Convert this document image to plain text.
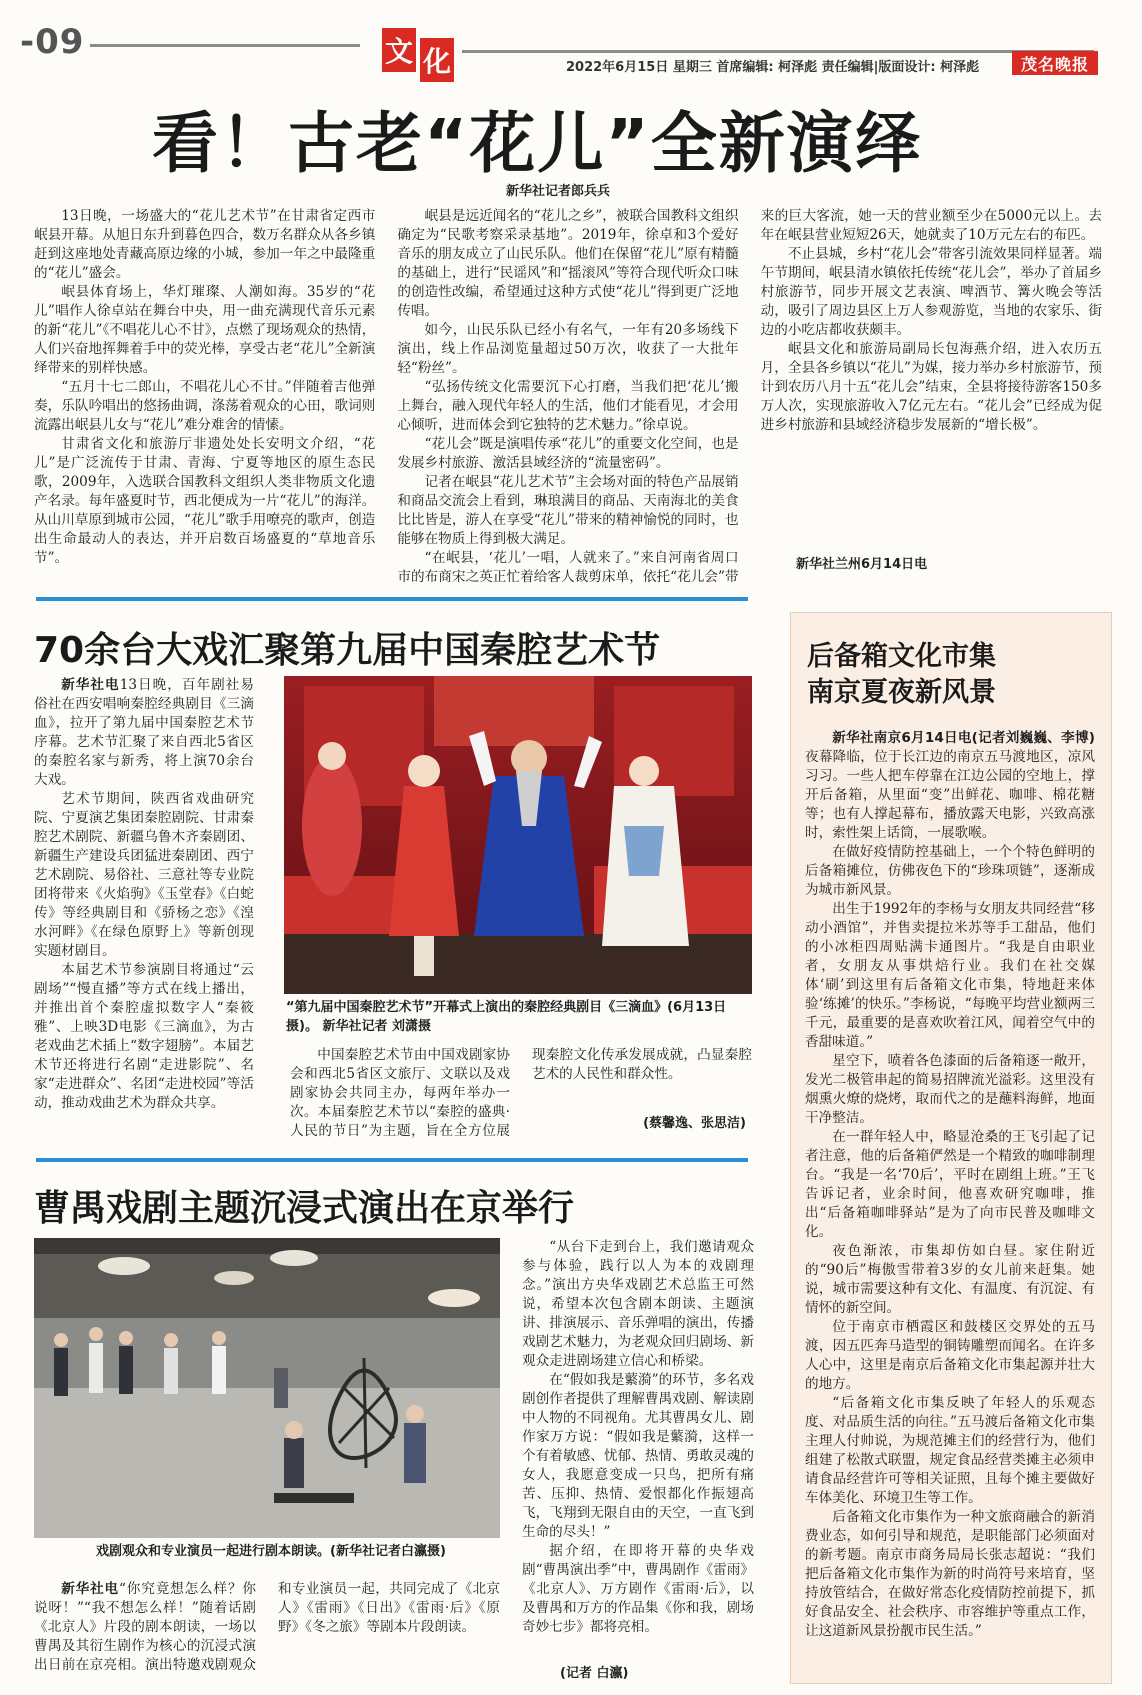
-09	文 化	2022年6月15日 星期三 首席编辑: 柯泽彪 责任编辑|版面设计: 柯泽彪	茂名晚报
看！古老“花儿”全新演绎
新华社记者郎兵兵

13日晚，一场盛大的“花儿艺术节”在甘肃省定西市岷县开幕。从旭日东升到暮色四合，数万名群众从各乡镇赶到这座地处青藏高原边缘的小城，参加一年之中最隆重的“花儿”盛会。

岷县体育场上，华灯璀璨、人潮如海。35岁的“花儿”唱作人徐卓站在舞台中央，用一曲充满现代音乐元素的新“花儿”《不唱花儿心不甘》，点燃了现场观众的热情，人们兴奋地挥舞着手中的荧光棒，享受古老“花儿”全新演绎带来的别样快感。

“五月十七二郎山，不唱花儿心不甘。”伴随着吉他弹奏，乐队吟唱出的悠扬曲调，涤荡着观众的心田，歌词则流露出岷县儿女与“花儿”难分难舍的情愫。

甘肃省文化和旅游厅非遗处处长安明文介绍，“花儿”是广泛流传于甘肃、青海、宁夏等地区的原生态民歌，2009年，入选联合国教科文组织人类非物质文化遗产名录。每年盛夏时节，西北便成为一片“花儿”的海洋。从山川草原到城市公园，“花儿”歌手用嘹亮的歌声，创造出生命最动人的表达，并开启数百场盛夏的“草地音乐节”。

岷县是远近闻名的“花儿之乡”，被联合国教科文组织确定为“民歌考察采录基地”。2019年，徐卓和3个爱好音乐的朋友成立了山民乐队。他们在保留“花儿”原有精髓的基础上，进行“民谣风”和“摇滚风”等符合现代听众口味的创造性改编，希望通过这种方式使“花儿”得到更广泛地传唱。

如今，山民乐队已经小有名气，一年有20多场线下演出，线上作品浏览量超过50万次，收获了一大批年轻“粉丝”。

“弘扬传统文化需要沉下心打磨，当我们把‘花儿’搬上舞台，融入现代年轻人的生活，他们才能看见，才会用心倾听，进而体会到它独特的艺术魅力。”徐卓说。

“花儿会”既是演唱传承“花儿”的重要文化空间，也是发展乡村旅游、激活县域经济的“流量密码”。

记者在岷县“花儿艺术节”主会场对面的特色产品展销和商品交流会上看到，琳琅满目的商品、天南海北的美食比比皆是，游人在享受“花儿”带来的精神愉悦的同时，也能够在物质上得到极大满足。

“在岷县，‘花儿’一唱，人就来了。”来自河南省周口市的布商宋之英正忙着给客人裁剪床单，依托“花儿会”带来的巨大客流，她一天的营业额至少在5000元以上。去年在岷县营业短短26天，她就卖了10万元左右的布匹。

不止县城，乡村“花儿会”带客引流效果同样显著。端午节期间，岷县清水镇依托传统“花儿会”，举办了首届乡村旅游节，同步开展文艺表演、啤酒节、篝火晚会等活动，吸引了周边县区上万人参观游览，当地的农家乐、街边的小吃店都收获颇丰。

岷县文化和旅游局副局长包海燕介绍，进入农历五月，全县各乡镇以“花儿”为媒，接力举办乡村旅游节，预计到农历八月十五“花儿会”结束，全县将接待游客150多万人次，实现旅游收入7亿元左右。“花儿会”已经成为促进乡村旅游和县域经济稳步发展新的“增长极”。

新华社兰州6月14日电
70余台大戏汇聚第九届中国秦腔艺术节

新华社电13日晚，百年剧社易俗社在西安唱响秦腔经典剧目《三滴血》，拉开了第九届中国秦腔艺术节序幕。艺术节汇聚了来自西北5省区的秦腔名家与新秀，将上演70余台大戏。

艺术节期间，陕西省戏曲研究院、宁夏演艺集团秦腔剧院、甘肃秦腔艺术剧院、新疆乌鲁木齐秦剧团、新疆生产建设兵团猛进秦剧团、西宁艺术剧院、易俗社、三意社等专业院团将带来《火焰驹》《玉堂春》《白蛇传》等经典剧目和《骄杨之恋》《湟水河畔》《在绿色原野上》等新创现实题材剧目。

本届艺术节参演剧目将通过“云剧场”“慢直播”等方式在线上播出，并推出首个秦腔虚拟数字人“秦筱雅”、上映3D电影《三滴血》，为古老戏曲艺术插上“数字翅膀”。本届艺术节还将进行名剧“走进影院”、名家“走进群众”、名团“走进校园”等活动，推动戏曲艺术为群众共享。

“第九届中国秦腔艺术节”开幕式上演出的秦腔经典剧目《三滴血》(6月13日摄)。 新华社记者 刘潇摄

中国秦腔艺术节由中国戏剧家协会和西北5省区文旅厅、文联以及戏剧家协会共同主办，每两年举办一次。本届秦腔艺术节以“秦腔的盛典·人民的节日”为主题，旨在全方位展现秦腔文化传承发展成就，凸显秦腔艺术的人民性和群众性。

(蔡馨逸、张思洁)
曹禺戏剧主题沉浸式演出在京举行
戏剧观众和专业演员一起进行剧本朗读。(新华社记者白瀛摄)

新华社电“你究竟想怎么样？你说呀！”“我不想怎么样！”随着话剧《北京人》片段的剧本朗读，一场以曹禺及其衍生剧作为核心的沉浸式演出日前在京亮相。演出特邀戏剧观众和专业演员一起，共同完成了《北京人》《雷雨》《日出》《雷雨·后》《原野》《冬之旅》等剧本片段朗读。

“从台下走到台上，我们邀请观众参与体验，践行以人为本的戏剧理念。”演出方央华戏剧艺术总监王可然说，希望本次包含剧本朗读、主题演讲、排演展示、音乐弹唱的演出，传播戏剧艺术魅力，为老观众回归剧场、新观众走进剧场建立信心和桥梁。

在“假如我是蘩漪”的环节，多名戏剧创作者提供了理解曹禺戏剧、解读剧中人物的不同视角。尤其曹禺女儿、剧作家万方说：“假如我是蘩漪，这样一个有着敏感、忧郁、热情、勇敢灵魂的女人，我愿意变成一只鸟，把所有痛苦、压抑、热情、爱恨都化作振翅高飞，飞翔到无限自由的天空，一直飞到生命的尽头！”

据介绍，在即将开幕的央华戏剧“曹禺演出季”中，曹禺剧作《雷雨》《北京人》、万方剧作《雷雨·后》，以及曹禺和万方的作品集《你和我，剧场奇妙七步》都将亮相。

(记者 白瀛)
后备箱文化市集
南京夏夜新风景

新华社南京6月14日电(记者刘巍巍、李博)夜幕降临，位于长江边的南京五马渡地区，凉风习习。一些人把车停靠在江边公园的空地上，撑开后备箱，从里面“变”出鲜花、咖啡、棉花糖等；也有人撑起幕布，播放露天电影，兴致高涨时，索性架上话筒，一展歌喉。

在做好疫情防控基础上，一个个特色鲜明的后备箱摊位，仿佛夜色下的“珍珠项链”，逐渐成为城市新风景。

出生于1992年的李杨与女朋友共同经营“移动小酒馆”，并售卖提拉米苏等手工甜品，他们的小冰柜四周贴满卡通图片。“我是自由职业者，女朋友从事烘焙行业。我们在社交媒体‘刷’到这里有后备箱文化市集，特地赶来体验‘练摊’的快乐。”李杨说，“每晚平均营业额两三千元，最重要的是喜欢吹着江风，闻着空气中的香甜味道。”

星空下，喷着各色漆面的后备箱逐一敞开，发光二极管串起的简易招牌流光溢彩。这里没有烟熏火燎的烧烤，取而代之的是蘸料海鲜，地面干净整洁。

在一群年轻人中，略显沧桑的王飞引起了记者注意，他的后备箱俨然是一个精致的咖啡制理台。“我是一名‘70后’，平时在剧组上班。”王飞告诉记者，业余时间，他喜欢研究咖啡，推出“后备箱咖啡驿站”是为了向市民普及咖啡文化。

夜色渐浓，市集却仿如白昼。家住附近的“90后”梅傲雪带着3岁的女儿前来赶集。她说，城市需要这种有文化、有温度、有沉淀、有情怀的新空间。

位于南京市栖霞区和鼓楼区交界处的五马渡，因五匹奔马造型的铜铸雕塑而闻名。在许多人心中，这里是南京后备箱文化市集起源并壮大的地方。

“后备箱文化市集反映了年轻人的乐观态度、对品质生活的向往。”五马渡后备箱文化市集主理人付帅说，为规范摊主们的经营行为，他们组建了松散式联盟，规定食品经营类摊主必须申请食品经营许可等相关证照，且每个摊主要做好车体美化、环境卫生等工作。

后备箱文化市集作为一种文旅商融合的新消费业态，如何引导和规范，是职能部门必须面对的新考题。南京市商务局局长张志超说：“我们把后备箱文化市集作为新的时尚符号来培育，坚持放管结合，在做好常态化疫情防控前提下，抓好食品安全、社会秩序、市容维护等重点工作，让这道新风景扮靓市民生活。”
